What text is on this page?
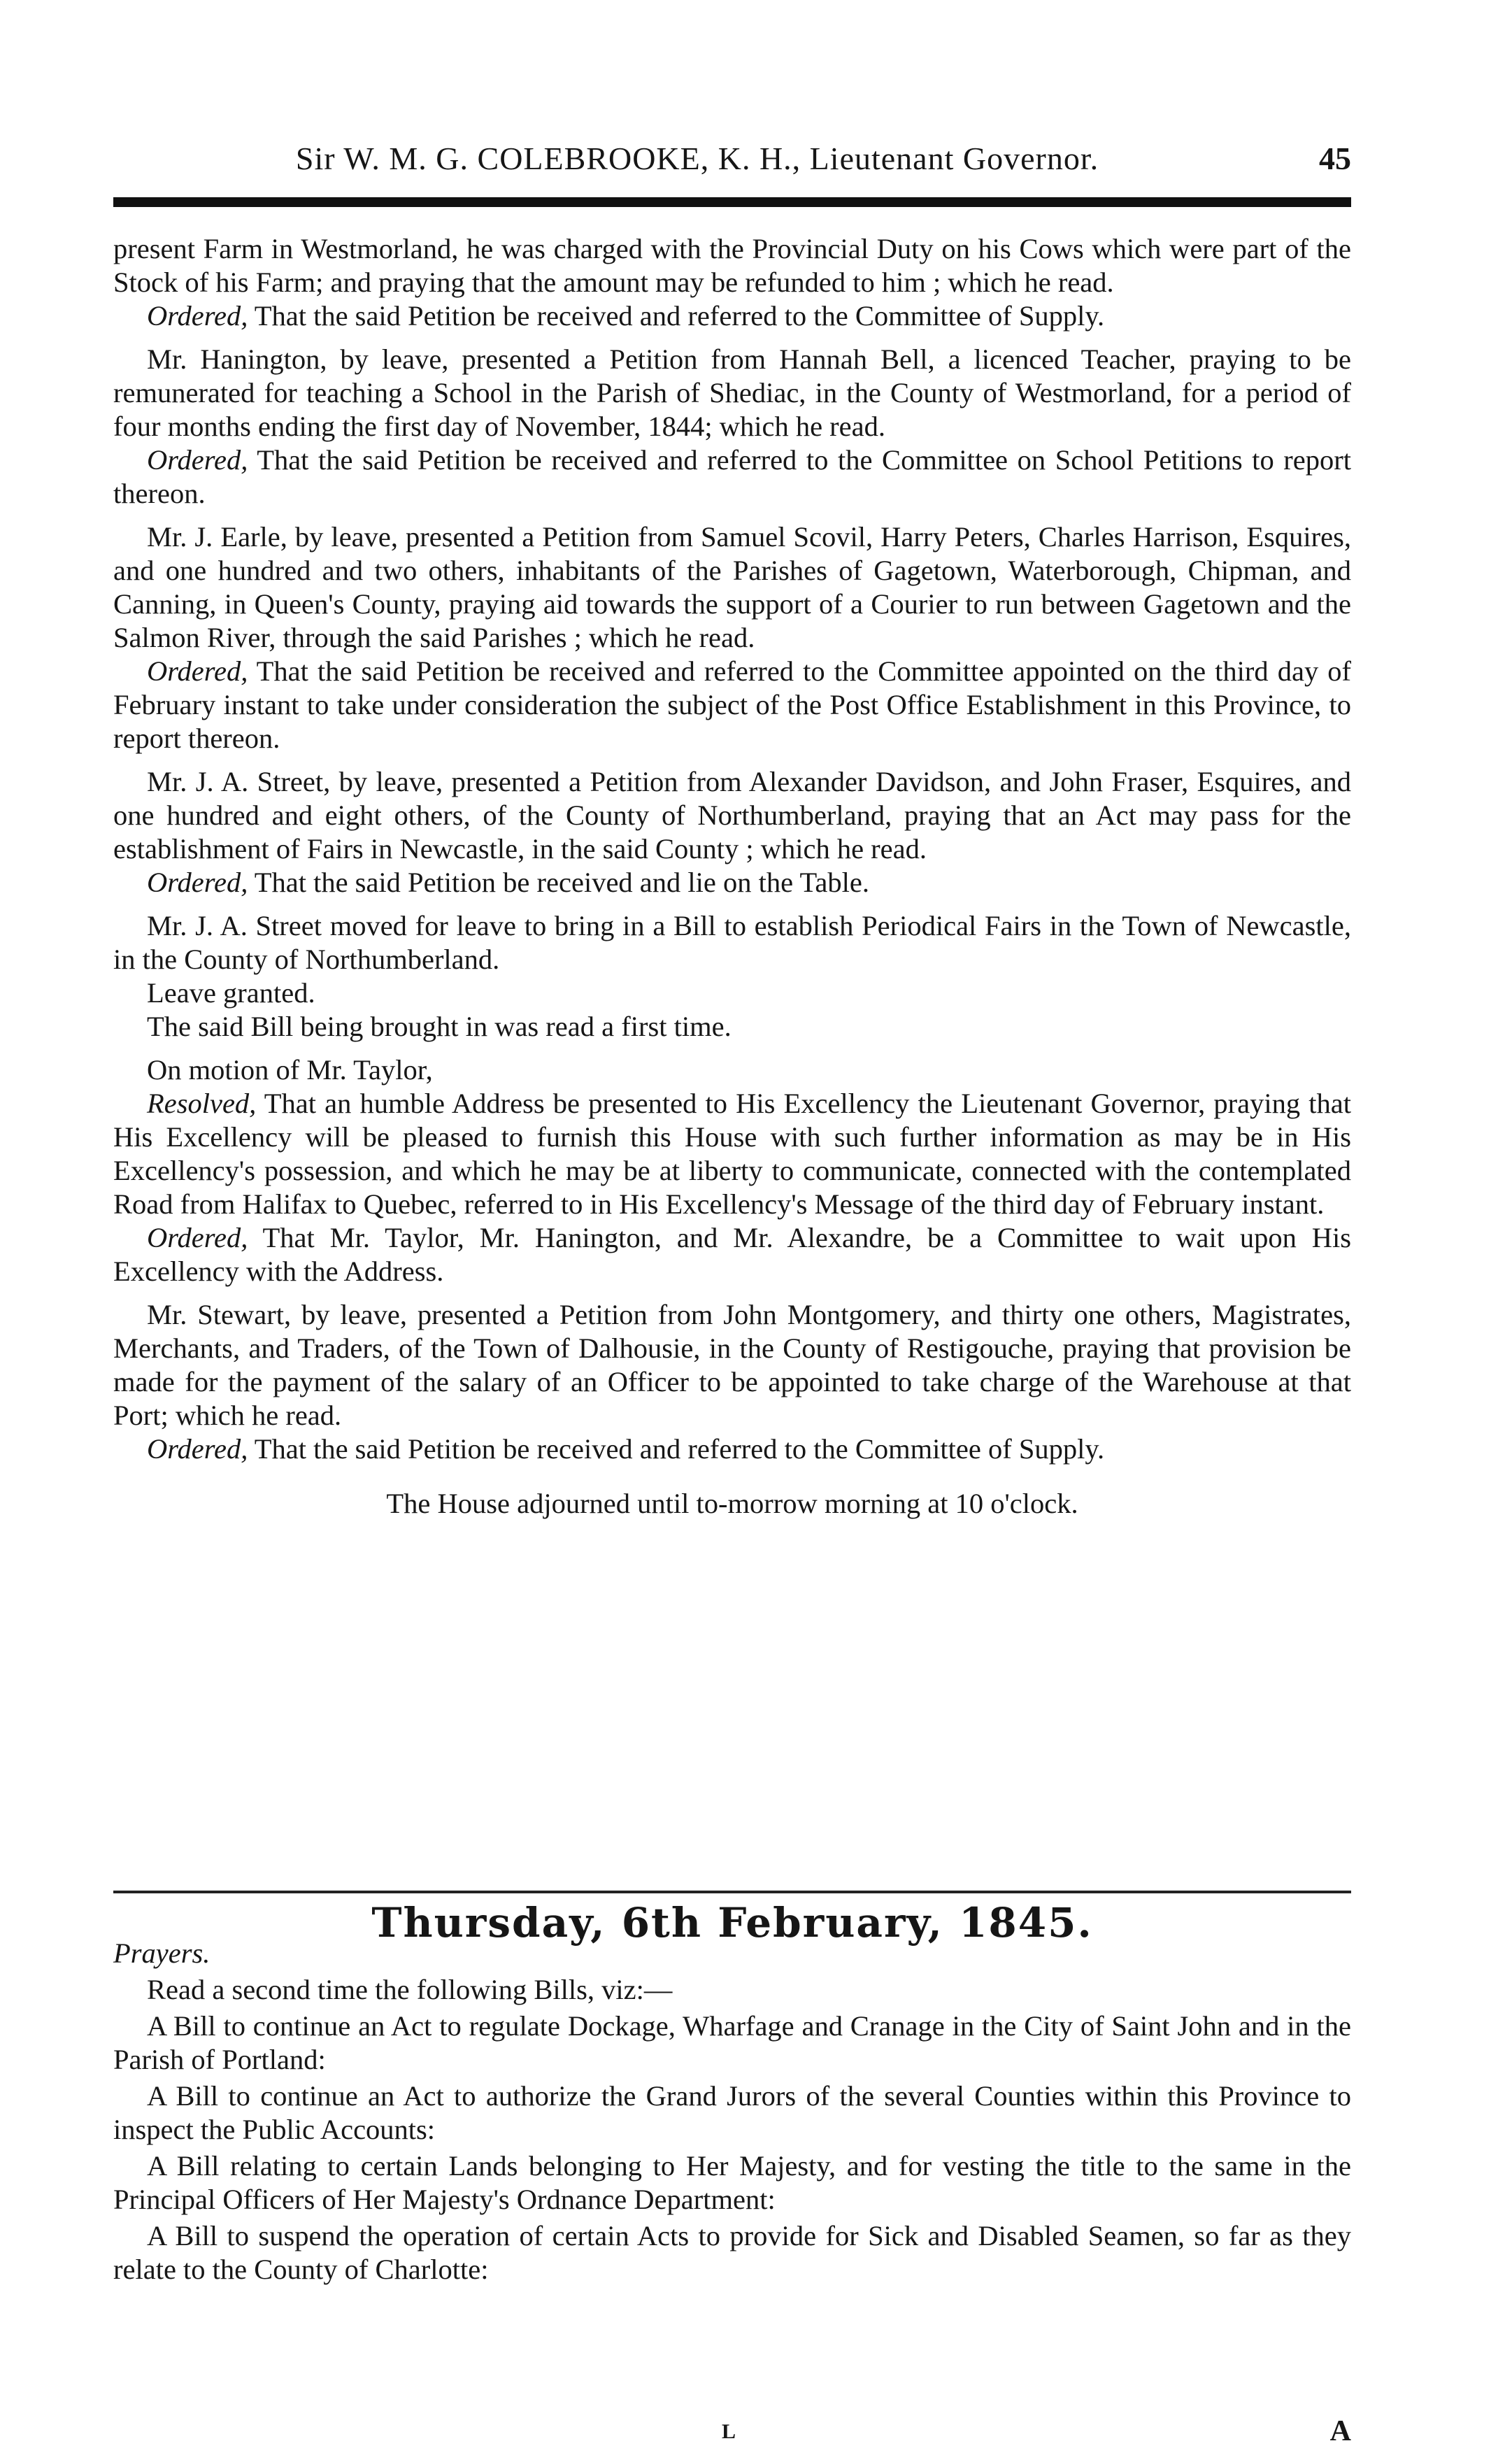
Sir W. M. G. COLEBROOKE, K. H., Lieutenant Governor.	45

present Farm in Westmorland, he was charged with the Provincial Duty on his Cows which were part of the Stock of his Farm; and praying that the amount may be refunded to him ; which he read.

Ordered, That the said Petition be received and referred to the Committee of Supply.

Mr. Hanington, by leave, presented a Petition from Hannah Bell, a licenced Teacher, praying to be remunerated for teaching a School in the Parish of Shediac, in the County of Westmorland, for a period of four months ending the first day of November, 1844; which he read.

Ordered, That the said Petition be received and referred to the Committee on School Petitions to report thereon.

Mr. J. Earle, by leave, presented a Petition from Samuel Scovil, Harry Peters, Charles Harrison, Esquires, and one hundred and two others, inhabitants of the Parishes of Gagetown, Waterborough, Chipman, and Canning, in Queen's County, praying aid towards the support of a Courier to run between Gagetown and the Salmon River, through the said Parishes ; which he read.

Ordered, That the said Petition be received and referred to the Committee appointed on the third day of February instant to take under consideration the subject of the Post Office Establishment in this Province, to report thereon.

Mr. J. A. Street, by leave, presented a Petition from Alexander Davidson, and John Fraser, Esquires, and one hundred and eight others, of the County of Northumberland, praying that an Act may pass for the establishment of Fairs in Newcastle, in the said County ; which he read.

Ordered, That the said Petition be received and lie on the Table.

Mr. J. A. Street moved for leave to bring in a Bill to establish Periodical Fairs in the Town of Newcastle, in the County of Northumberland.

Leave granted.

The said Bill being brought in was read a first time.

On motion of Mr. Taylor,

Resolved, That an humble Address be presented to His Excellency the Lieutenant Governor, praying that His Excellency will be pleased to furnish this House with such further information as may be in His Excellency's possession, and which he may be at liberty to communicate, connected with the contemplated Road from Halifax to Quebec, referred to in His Excellency's Message of the third day of February instant.

Ordered, That Mr. Taylor, Mr. Hanington, and Mr. Alexandre, be a Committee to wait upon His Excellency with the Address.

Mr. Stewart, by leave, presented a Petition from John Montgomery, and thirty one others, Magistrates, Merchants, and Traders, of the Town of Dalhousie, in the County of Restigouche, praying that provision be made for the payment of the salary of an Officer to be appointed to take charge of the Warehouse at that Port; which he read.

Ordered, That the said Petition be received and referred to the Committee of Supply.

The House adjourned until to-morrow morning at 10 o'clock.

Thursday, 6th February, 1845.

Prayers.

Read a second time the following Bills, viz:—

A Bill to continue an Act to regulate Dockage, Wharfage and Cranage in the City of Saint John and in the Parish of Portland:

A Bill to continue an Act to authorize the Grand Jurors of the several Counties within this Province to inspect the Public Accounts:

A Bill relating to certain Lands belonging to Her Majesty, and for vesting the title to the same in the Principal Officers of Her Majesty's Ordnance Department:

A Bill to suspend the operation of certain Acts to provide for Sick and Disabled Seamen, so far as they relate to the County of Charlotte:

L	A
